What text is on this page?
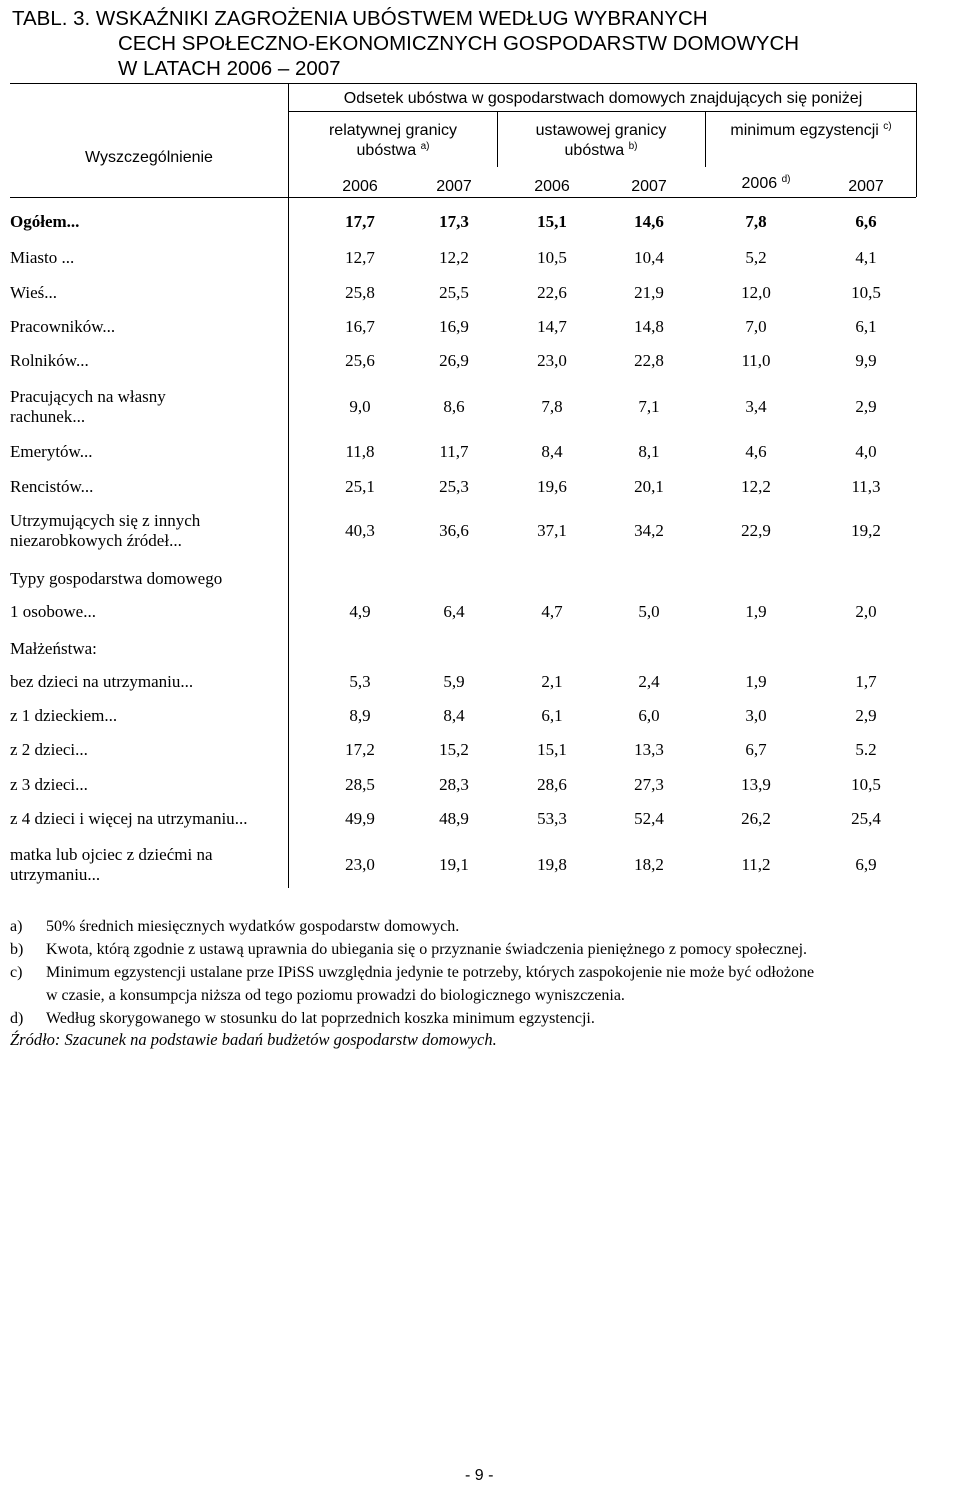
TABL. 3. WSKAŹNIKI ZAGROŻENIA UBÓSTWEM WEDŁUG WYBRANYCH
CECH SPOŁECZNO-EKONOMICZNYCH GOSPODARSTW DOMOWYCH
W LATACH 2006 – 2007
Wyszczególnienie
Odsetek ubóstwa w gospodarstwach domowych znajdujących się poniżej
relatywnej granicy
ubóstwa $^{a)}$
ustawowej granicy
ubóstwa $^{b)}$
minimum egzystencji $^{c)}$
2006	2007	2006	2007	2006 $^{d)}$	2007
Ogółem...	17,7	17,3	15,1	14,6	7,8	6,6
Miasto ...	12,7	12,2	10,5	10,4	5,2	4,1
Wieś...	25,8	25,5	22,6	21,9	12,0	10,5
Pracowników...	16,7	16,9	14,7	14,8	7,0	6,1
Rolników...	25,6	26,9	23,0	22,8	11,0	9,9
Pracujących na własny
rachunek...
9,0	8,6	7,8	7,1	3,4	2,9
Emerytów...	11,8	11,7	8,4	8,1	4,6	4,0
Rencistów...	25,1	25,3	19,6	20,1	12,2	11,3
Utrzymujących się z innych
niezarobkowych źródeł...
40,3	36,6	37,1	34,2	22,9	19,2
Typy gospodarstwa domowego
1 osobowe...	4,9	6,4	4,7	5,0	1,9	2,0
Małżeństwa:
bez dzieci na utrzymaniu...	5,3	5,9	2,1	2,4	1,9	1,7
z 1 dzieckiem...	8,9	8,4	6,1	6,0	3,0	2,9
z 2 dzieci...	17,2	15,2	15,1	13,3	6,7	5.2
z 3 dzieci...	28,5	28,3	28,6	27,3	13,9	10,5
z 4 dzieci i więcej na utrzymaniu...	49,9	48,9	53,3	52,4	26,2	25,4
matka lub ojciec z dziećmi na
utrzymaniu...
23,0	19,1	19,8	18,2	11,2	6,9
a) 50% średnich miesięcznych wydatków gospodarstw domowych.
b) Kwota, którą zgodnie z ustawą uprawnia do ubiegania się o przyznanie świadczenia pieniężnego z pomocy społecznej.
c) Minimum egzystencji ustalane prze IPiSS uwzględnia jedynie te potrzeby, których zaspokojenie nie może być odłożone
w czasie, a konsumpcja niższa od tego poziomu prowadzi do biologicznego wyniszczenia.
d) Według skorygowanego w stosunku do lat poprzednich koszka minimum egzystencji.
Źródło: Szacunek na podstawie badań budżetów gospodarstw domowych.
- 9 -
